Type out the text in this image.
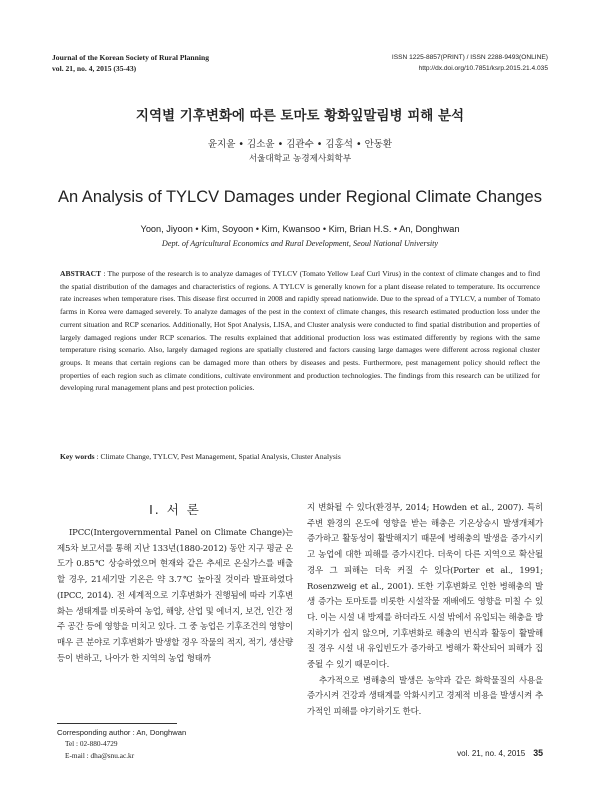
Journal of the Korean Society of Rural Planning
vol. 21, no. 4, 2015 (35-43)
ISSN 1225-8857(PRINT) / ISSN 2288-9493(ONLINE)
http://dx.doi.org/10.7851/ksrp.2015.21.4.035
지역별 기후변화에 따른 토마토 황화잎말림병 피해 분석
윤지윤 • 김소윤 • 김관수 • 김홍석 • 안동환
서울대학교 농경제사회학부
An Analysis of TYLCV Damages under Regional Climate Changes
Yoon, Jiyoon • Kim, Soyoon • Kim, Kwansoo • Kim, Brian H.S. • An, Donghwan
Dept. of Agricultural Economics and Rural Development, Seoul National University
ABSTRACT : The purpose of the research is to analyze damages of TYLCV (Tomato Yellow Leaf Curl Virus) in the context of climate changes and to find the spatial distribution of the damages and characteristics of regions. A TYLCV is generally known for a plant disease related to temperature. Its occurrence rate increases when temperature rises. This disease first occurred in 2008 and rapidly spread nationwide. Due to the spread of a TYLCV, a number of Tomato farms in Korea were damaged severely. To analyze damages of the pest in the context of climate changes, this research estimated production loss under the current situation and RCP scenarios. Additionally, Hot Spot Analysis, LISA, and Cluster analysis were conducted to find spatial distribution and properties of largely damaged regions under RCP scenarios. The results explained that additional production loss was estimated differently by regions with the same temperature rising scenario. Also, largely damaged regions are spatially clustered and factors causing large damages were different across regional cluster groups. It means that certain regions can be damaged more than others by diseases and pests. Furthermore, pest management policy should reflect the properties of each region such as climate conditions, cultivate environment and production technologies. The findings from this research can be utilized for developing rural management plans and pest protection policies.
Key words : Climate Change, TYLCV, Pest Management, Spatial Analysis, Cluster Analysis
I. 서 론

IPCC(Intergovernmental Panel on Climate Change)는 제5차 보고서를 통해 지난 133년(1880-2012) 동안 지구 평균 온도가 0.85℃ 상승하였으며 현재와 같은 추세로 온실가스를 배출할 경우, 21세기말 기온은 약 3.7℃ 높아질 것이라 발표하였다(IPCC, 2014). 전 세계적으로 기후변화가 진행됨에 따라 기후변화는 생태계를 비롯하여 농업, 해양, 산업 및 에너지, 보건, 인간 정주 공간 등에 영향을 미치고 있다. 그 중 농업은 기후조건의 영향이 매우 큰 분야로 기후변화가 발생할 경우 작물의 적지, 적기, 생산량 등이 변하고, 나아가 한 지역의 농업 형태까

지 변화될 수 있다(환경부, 2014; Howden et al., 2007). 특히 주변 환경의 온도에 영향을 받는 해충은 기온상승시 발생개체가 증가하고 활동성이 활발해지기 때문에 병해충의 발생을 증가시키고 농업에 대한 피해를 증가시킨다. 더욱이 다른 지역으로 확산될 경우 그 피해는 더욱 커질 수 있다(Porter et al., 1991; Rosenzweig et al., 2001). 또한 기후변화로 인한 병해충의 발생 증가는 토마토를 비롯한 시설작물 재배에도 영향을 미칠 수 있다. 이는 시설 내 방제를 하더라도 시설 밖에서 유입되는 해충을 방지하기가 쉽지 않으며, 기후변화로 해충의 번식과 활동이 활발해질 경우 시설 내 유입빈도가 증가하고 병해가 확산되어 피해가 집중될 수 있기 때문이다.

추가적으로 병해충의 발생은 농약과 같은 화학물질의 사용을 증가시켜 건강과 생태계를 악화시키고 경제적 비용을 발생시켜 추가적인 피해를 야기하기도 한다.

Corresponding author : An, Donghwan
Tel : 02-880-4729
E-mail : dha@snu.ac.kr	vol. 21, no. 4, 2015 35
